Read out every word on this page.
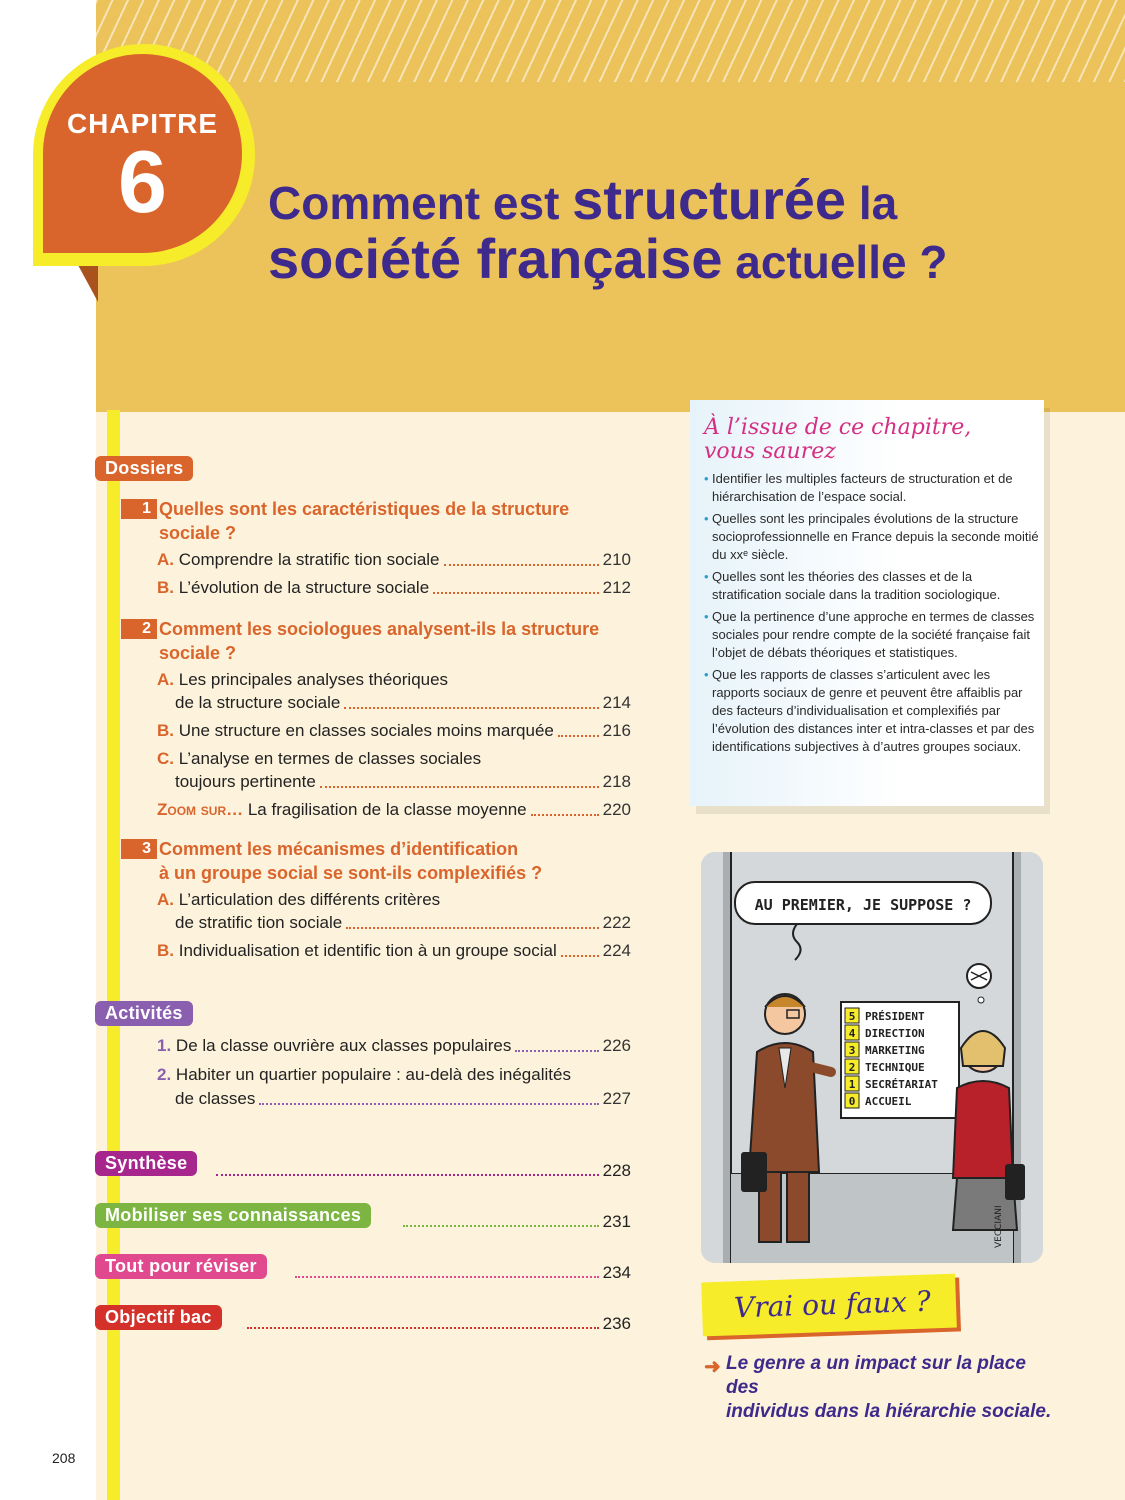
CHAPITRE
6	Comment est structurée la
société française actuelle ?
À l’issue de ce chapitre,
vous saurez
• Identifier les multiples facteurs de structuration et de hiérarchisation de l’espace social.
• Quelles sont les principales évolutions de la structure socioprofessionnelle en France depuis la seconde moitié du xxᵉ siècle.
• Quelles sont les théories des classes et de la stratification sociale dans la tradition sociologique.
• Que la pertinence d’une approche en termes de classes sociales pour rendre compte de la société française fait l’objet de débats théoriques et statistiques.
• Que les rapports de classes s’articulent avec les rapports sociaux de genre et peuvent être affaiblis par des facteurs d’individualisation et complexifiés par l’évolution des distances inter et intra-classes et par des identifications subjectives à d’autres groupes sociaux.
Dossiers
1 Quelles sont les caractéristiques de la structure
sociale ?
A.
Comprendre la stratific tion sociale	210
B.
L’évolution de la structure sociale	212
2 Comment les sociologues analysent-ils la structure
sociale ?
A. Les principales analyses théoriques
de la structure sociale	214
B.
Une structure en classes sociales moins marquée	216
C. L’analyse en termes de classes sociales
toujours pertinente	218
Zoom sur…
La fragilisation de la classe moyenne	220
3 Comment les mécanismes d’identification
à un groupe social se sont-ils complexifiés ?
A. L’articulation des différents critères
de stratific tion sociale	222
B.
Individualisation et identific tion à un groupe social	224
Activités
1.
De la classe ouvrière aux classes populaires	226
2. Habiter un quartier populaire : au-delà des inégalités
de classes	227
Synthèse	228
Mobiliser ses connaissances	231
Tout pour réviser	234
Objectif bac	236
AU PREMIER, JE SUPPOSE ?
5 PRÉSIDENT
4 DIRECTION
3 MARKETING
2 TECHNIQUE
1 SECRÉTARIAT
0 ACCUEIL
VECCIANI
Vrai ou faux ?
➜ Le genre a un impact sur la place des
individus dans la hiérarchie sociale.
208
